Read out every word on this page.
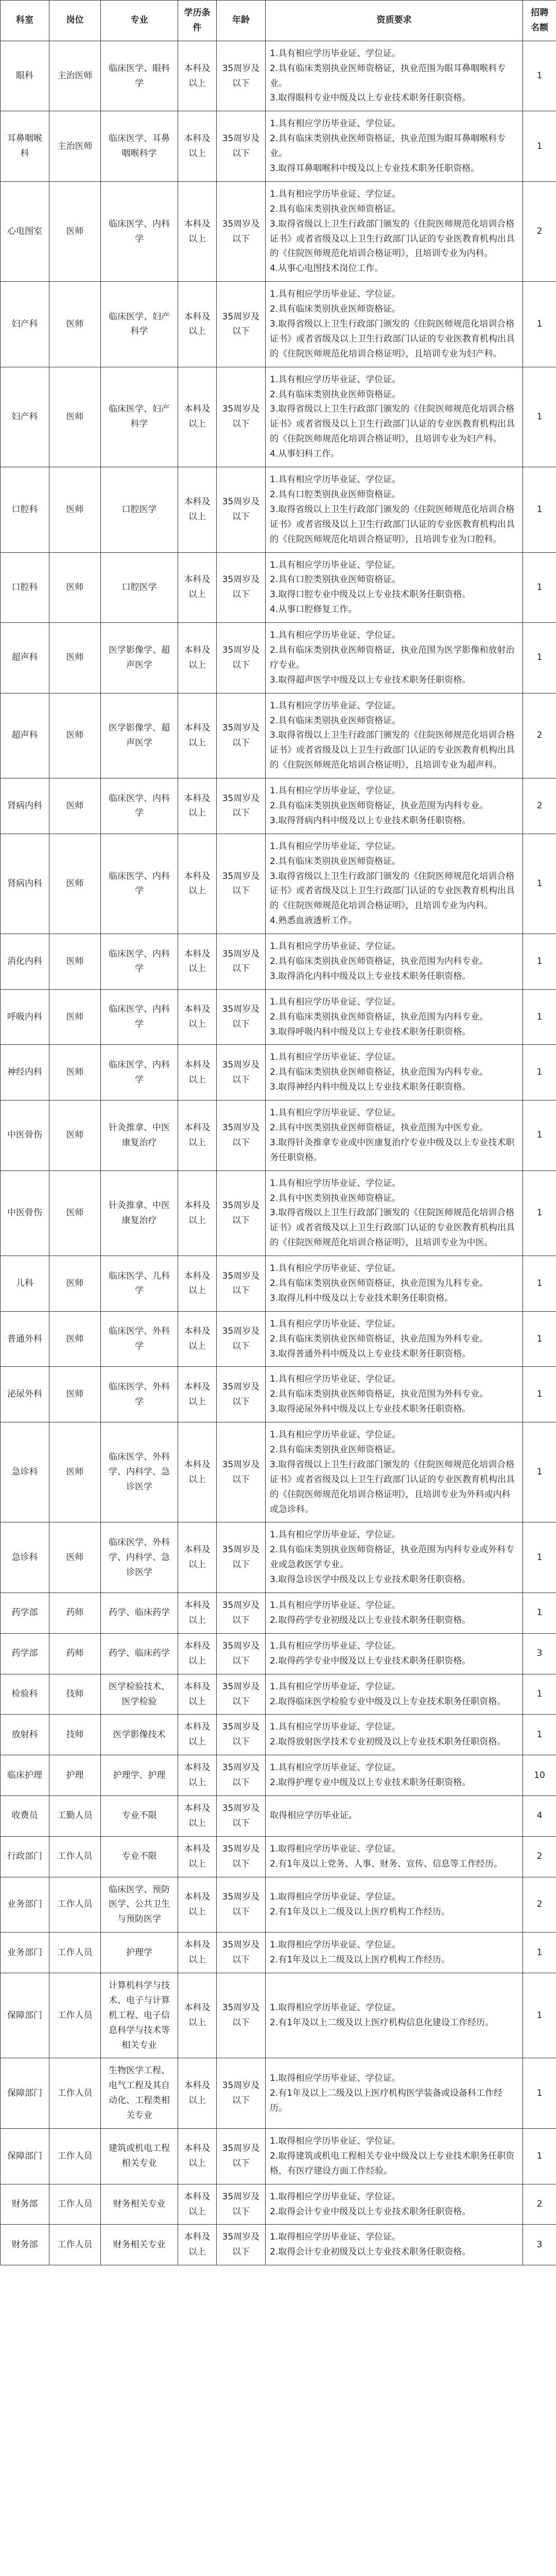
科室	岗位	专业	学历条件	年龄	资质要求	招聘名额
眼科	主治医师	临床医学、眼科学	本科及以上	35周岁及以下	1.具有相应学历毕业证、学位证。
2.具有临床类别执业医师资格证，执业范围为眼耳鼻咽喉科专业。
3.取得眼科专业中级及以上专业技术职务任职资格。	1
耳鼻咽喉科	主治医师	临床医学、耳鼻咽喉科学	本科及以上	35周岁及以下	1.具有相应学历毕业证、学位证。
2.具有临床类别执业医师资格证，执业范围为眼耳鼻咽喉科专业。
3.取得耳鼻咽喉科中级及以上专业技术职务任职资格。	1
心电图室	医师	临床医学、内科学	本科及以上	35周岁及以下	1.具有相应学历毕业证、学位证。
2.具有临床类别执业医师资格证。
3.取得省级以上卫生行政部门颁发的《住院医师规范化培训合格证书》或者省级及以上卫生行政部门认证的专业医教育机构出具的《住院医师规范化培训合格证明》，且培训专业为内科。
4.从事心电图技术岗位工作。	2
妇产科	医师	临床医学、妇产科学	本科及以上	35周岁及以下	1.具有相应学历毕业证、学位证。
2.具有临床类别执业医师资格证。
3.取得省级以上卫生行政部门颁发的《住院医师规范化培训合格证书》或者省级及以上卫生行政部门认证的专业医教育机构出具的《住院医师规范化培训合格证明》，且培训专业为妇产科。	1
妇产科	医师	临床医学、妇产科学	本科及以上	35周岁及以下	1.具有相应学历毕业证、学位证。
2.具有临床类别执业医师资格证。
3.取得省级以上卫生行政部门颁发的《住院医师规范化培训合格证书》或者省级及以上卫生行政部门认证的专业医教育机构出具的《住院医师规范化培训合格证明》，且培训专业为妇产科。
4.从事妇科工作。	1
口腔科	医师	口腔医学	本科及以上	35周岁及以下	1.具有相应学历毕业证、学位证。
2.具有口腔类别执业医师资格证。
3.取得省级以上卫生行政部门颁发的《住院医师规范化培训合格证书》或者省级及以上卫生行政部门认证的专业医教育机构出具的《住院医师规范化培训合格证明》，且培训专业为口腔科。	1
口腔科	医师	口腔医学	本科及以上	35周岁及以下	1.具有相应学历毕业证、学位证。
2.具有口腔类别执业医师资格证。
3.取得口腔专业中级及以上专业技术职务任职资格。
4.从事口腔修复工作。	1
超声科	医师	医学影像学、超声医学	本科及以上	35周岁及以下	1.具有相应学历毕业证、学位证。
2.具有临床类别执业医师资格证，执业范围为医学影像和放射治疗专业。
3.取得超声医学中级及以上专业技术职务任职资格。	1
超声科	医师	医学影像学、超声医学	本科及以上	35周岁及以下	1.具有相应学历毕业证、学位证。
2.具有临床类别执业医师资格证。
3.取得省级以上卫生行政部门颁发的《住院医师规范化培训合格证书》或者省级及以上卫生行政部门认证的专业医教育机构出具的《住院医师规范化培训合格证明》，且培训专业为超声科。	2
肾病内科	医师	临床医学、内科学	本科及以上	35周岁及以下	1.具有相应学历毕业证、学位证。
2.具有临床类别执业医师资格证，执业范围为内科专业。
3.取得肾病内科中级及以上专业技术职务任职资格。	2
肾病内科	医师	临床医学、内科学	本科及以上	35周岁及以下	1.具有相应学历毕业证、学位证。
2.具有临床类别执业医师资格证。
3.取得省级以上卫生行政部门颁发的《住院医师规范化培训合格证书》或者省级及以上卫生行政部门认证的专业医教育机构出具的《住院医师规范化培训合格证明》，且培训专业为内科。
4.熟悉血液透析工作。	1
消化内科	医师	临床医学、内科学	本科及以上	35周岁及以下	1.具有相应学历毕业证、学位证。
2.具有临床类别执业医师资格证，执业范围为内科专业。
3.取得消化内科中级及以上专业技术职务任职资格。	1
呼吸内科	医师	临床医学、内科学	本科及以上	35周岁及以下	1.具有相应学历毕业证、学位证。
2.具有临床类别执业医师资格证，执业范围为内科专业。
3.取得呼吸内科中级及以上专业技术职务任职资格。	1
神经内科	医师	临床医学、内科学	本科及以上	35周岁及以下	1.具有相应学历毕业证、学位证。
2.具有临床类别执业医师资格证，执业范围为内科专业。
3.取得神经内科中级及以上专业技术职务任职资格。	1
中医骨伤	医师	针灸推拿、中医康复治疗	本科及以上	35周岁及以下	1.具有相应学历毕业证、学位证。
2.具有中医类别执业医师资格证，执业范围为中医专业。
3.取得针灸推拿专业或中医康复治疗专业中级及以上专业技术职务任职资格。	1
中医骨伤	医师	针灸推拿、中医康复治疗	本科及以上	35周岁及以下	1.具有相应学历毕业证、学位证。
2.具有中医类别执业医师资格证。
3.取得省级以上卫生行政部门颁发的《住院医师规范化培训合格证书》或者省级及以上卫生行政部门认证的专业医教育机构出具的《住院医师规范化培训合格证明》，且培训专业为中医。	1
儿科	医师	临床医学、儿科学	本科及以上	35周岁及以下	1.具有相应学历毕业证、学位证。
2.具有临床类别执业医师资格证，执业范围为儿科专业。
3.取得儿科中级及以上专业技术职务任职资格。	1
普通外科	医师	临床医学、外科学	本科及以上	35周岁及以下	1.具有相应学历毕业证、学位证。
2.具有临床类别执业医师资格证，执业范围为外科专业。
3.取得普通外科中级及以上专业技术职务任职资格。	1
泌尿外科	医师	临床医学、外科学	本科及以上	35周岁及以下	1.具有相应学历毕业证、学位证。
2.具有临床类别执业医师资格证，执业范围为外科专业。
3.取得泌尿外科中级及以上专业技术职务任职资格。	1
急诊科	医师	临床医学、外科学、内科学、急诊医学	本科及以上	35周岁及以下	1.具有相应学历毕业证、学位证。
2.具有临床类别执业医师资格证。
3.取得省级以上卫生行政部门颁发的《住院医师规范化培训合格证书》或者省级及以上卫生行政部门认证的专业医教育机构出具的《住院医师规范化培训合格证明》，且培训专业为外科或内科或急诊科。	1
急诊科	医师	临床医学、外科学、内科学、急诊医学	本科及以上	35周岁及以下	1.具有相应学历毕业证、学位证。
2.具有临床类别执业医师资格证，执业范围为内科专业或外科专业或急救医学专业。
3.取得急诊医学中级及以上专业技术职务任职资格。	1
药学部	药师	药学、临床药学	本科及以上	35周岁及以下	1.具有相应学历毕业证、学位证。
2.取得药学专业初级及以上专业技术职务任职资格。	1
药学部	药师	药学、临床药学	本科及以上	35周岁及以下	1.具有相应学历毕业证、学位证。
2.取得药学专业中级及以上专业技术职务任职资格。	3
检验科	技师	医学检验技术、医学检验	本科及以上	35周岁及以下	1.具有相应学历毕业证、学位证。
2.取得临床医学检验专业中级及以上专业技术职务任职资格。	1
放射科	技师	医学影像技术	本科及以上	35周岁及以下	1.具有相应学历毕业证、学位证。
2.取得放射医学技术专业初级及以上专业技术职务任职资格。	1
临床护理	护理	护理学、护理	本科及以上	35周岁及以下	1.具有相应学历毕业证、学位证。
2.取得护理专业中级及以上专业技术职务任职资格。	10
收费员	工勤人员	专业不限	本科及以上	35周岁及以下	取得相应学历毕业证。	4
行政部门	工作人员	专业不限	本科及以上	35周岁及以下	1.取得相应学历毕业证、学位证。
2.有1年及以上党务、人事、财务、宣传、信息等工作经历。	2
业务部门	工作人员	临床医学、预防医学、公共卫生与预防医学	本科及以上	35周岁及以下	1.取得相应学历毕业证、学位证。
2.有1年及以上二级及以上医疗机构工作经历。	2
业务部门	工作人员	护理学	本科及以上	35周岁及以下	1.取得相应学历毕业证、学位证。
2.有1年及以上二级及以上医疗机构工作经历。	1
保障部门	工作人员	计算机科学与技术、电子与计算机工程、电子信息科学与技术等相关专业	本科及以上	35周岁及以下	1.取得相应学历毕业证、学位证。
2.有1年及以上二级及以上医疗机构信息化建设工作经历。	1
保障部门	工作人员	生物医学工程、电气工程及其自动化、工程类相关专业	本科及以上	35周岁及以下	1.取得相应学历毕业证、学位证。
2.有1年及以上二级及以上医疗机构医学装备或设备科工作经历。	1
保障部门	工作人员	建筑或机电工程相关专业	本科及以上	35周岁及以下	1.取得相应学历毕业证、学位证。
2.取得建筑或机电工程相关专业中级及以上专业技术职务任职资格，有医疗建设方面工作经验。	1
财务部	工作人员	财务相关专业	本科及以上	35周岁及以下	1.取得相应学历毕业证、学位证。
2.取得会计专业中级及以上专业技术职务任职资格。	2
财务部	工作人员	财务相关专业	本科及以上	35周岁及以下	1.取得相应学历毕业证、学位证。
2.取得会计专业初级及以上专业技术职务任职资格。	3
